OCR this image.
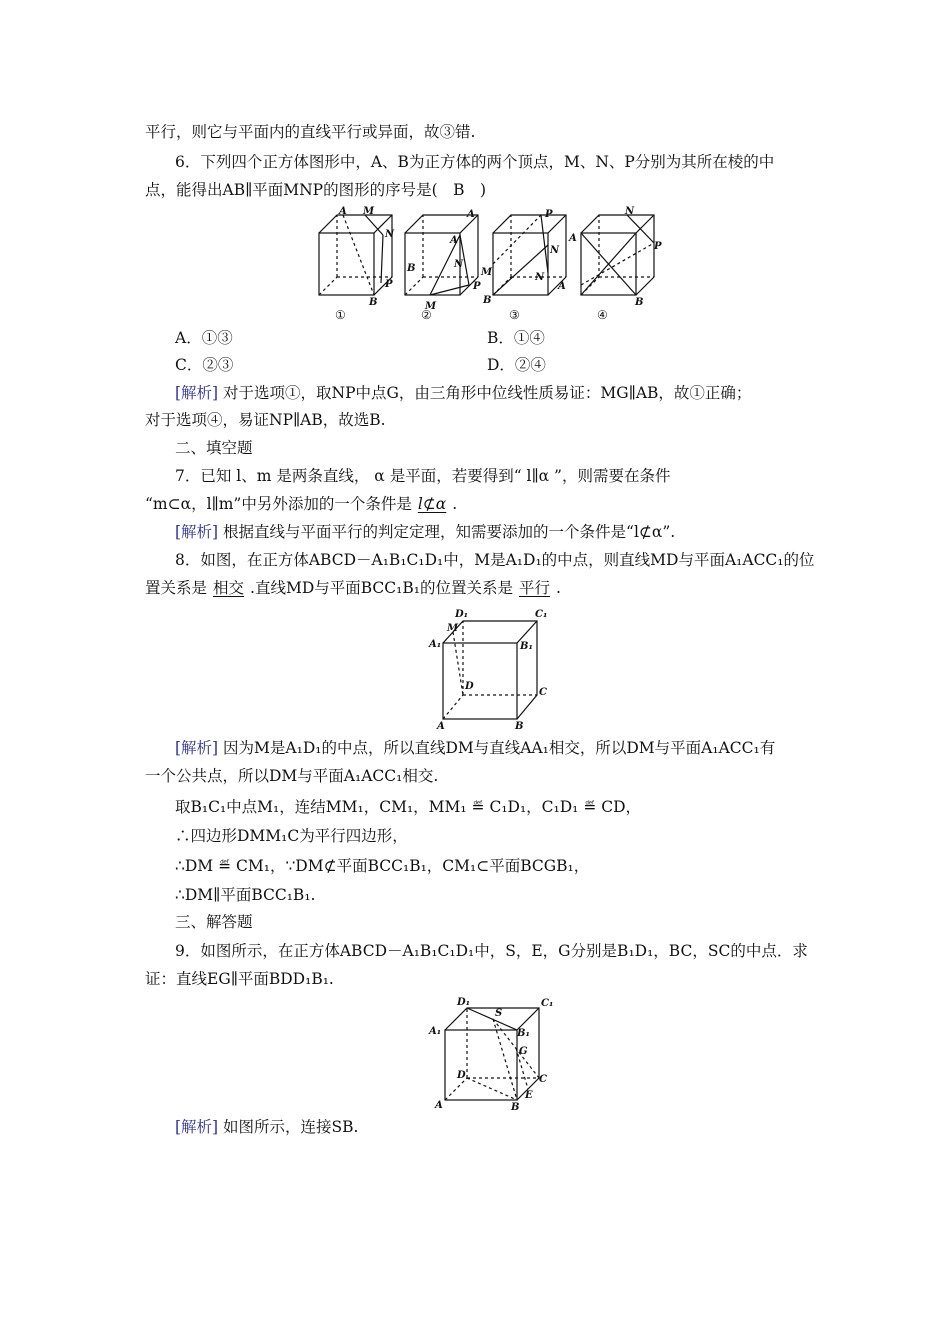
平行，则它与平面内的直线平行或异面，故③错.
6．下列四个正方体图形中，A、B为正方体的两个顶点，M、N、P分别为其所在棱的中
点，能得出AB∥平面MNP的图形的序号是(　B　)
A M
N
P
B
A
A
B	N
P
M
P
N
M	N
B
A
N
P
A
B
①	②	③	④
A．①③	B．①④
C．②③	D．②④
[解析] 对于选项①，取NP中点G，由三角形中位线性质易证：MG∥AB，故①正确；
对于选项④，易证NP∥AB，故选B.
二、填空题
7．已知 l、m 是两条直线， α 是平面，若要得到“ l∥α ”，则需要在条件
“m⊂α，l∥m”中另外添加的一个条件是 l⊄α .
[解析] 根据直线与平面平行的判定定理，知需要添加的一个条件是“l⊄α”.
8．如图，在正方体ABCD－A₁B₁C₁D₁中，M是A₁D₁的中点，则直线MD与平面A₁ACC₁的位
置关系是 相交 .直线MD与平面BCC₁B₁的位置关系是 平行 .
D₁	C₁
M
A₁	B₁
D
C
A	B
[解析] 因为M是A₁D₁的中点，所以直线DM与直线AA₁相交，所以DM与平面A₁ACC₁有
一个公共点，所以DM与平面A₁ACC₁相交.
取B₁C₁中点M₁，连结MM₁，CM₁，MM₁ ≝ C₁D₁，C₁D₁ ≝ CD，
∴四边形DMM₁C为平行四边形，
∴DM ≝ CM₁，∵DM⊄平面BCC₁B₁，CM₁⊂平面BCGB₁，
∴DM∥平面BCC₁B₁.
三、解答题
9．如图所示，在正方体ABCD－A₁B₁C₁D₁中，S，E，G分别是B₁D₁，BC，SC的中点．求
证：直线EG∥平面BDD₁B₁.
D₁	C₁
S
A₁	B₁
G
D	C
E
A	B
[解析] 如图所示，连接SB.
